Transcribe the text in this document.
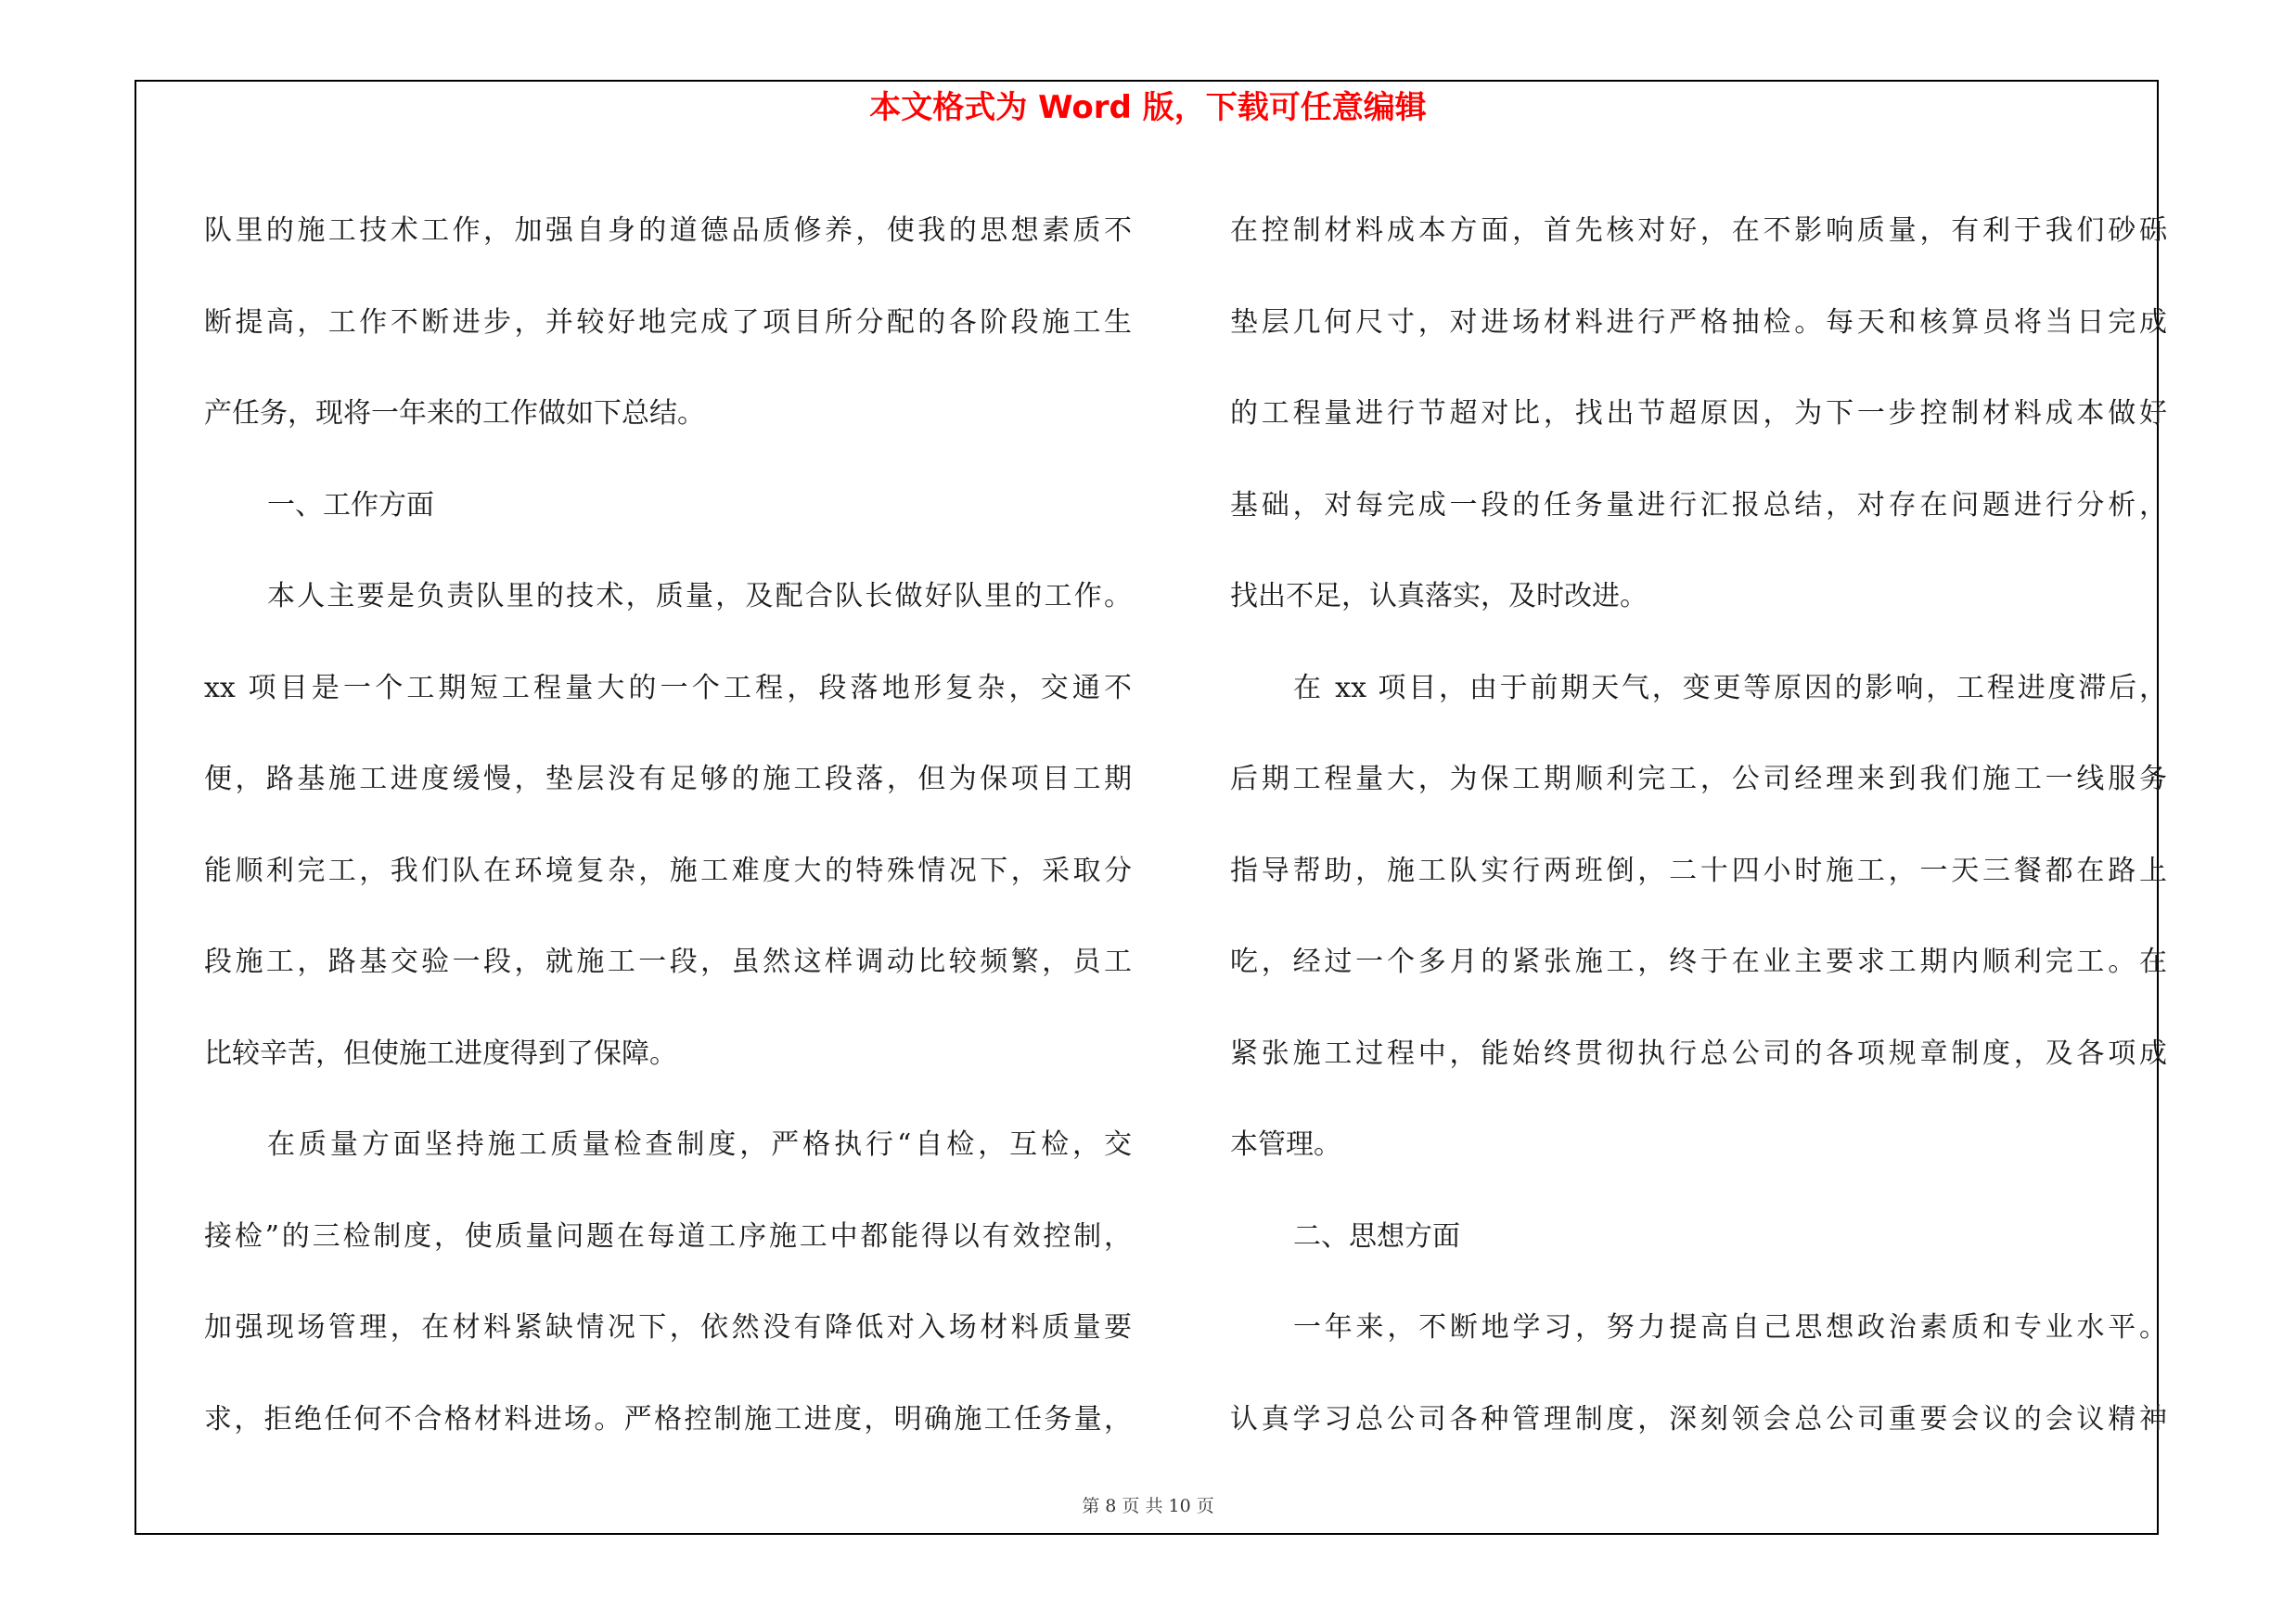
本文格式为 Word 版，下载可任意编辑
队里的施工技术工作，加强自身的道德品质修养，使我的思想素质不
断提高，工作不断进步，并较好地完成了项目所分配的各阶段施工生
产任务，现将一年来的工作做如下总结。
一、工作方面
本人主要是负责队里的技术，质量，及配合队长做好队里的工作。
xx 项目是一个工期短工程量大的一个工程，段落地形复杂，交通不
便，路基施工进度缓慢，垫层没有足够的施工段落，但为保项目工期
能顺利完工，我们队在环境复杂，施工难度大的特殊情况下，采取分
段施工，路基交验一段，就施工一段，虽然这样调动比较频繁，员工
比较辛苦，但使施工进度得到了保障。
在质量方面坚持施工质量检查制度，严格执行“自检，互检，交
接检”的三检制度，使质量问题在每道工序施工中都能得以有效控制，
加强现场管理，在材料紧缺情况下，依然没有降低对入场材料质量要
求，拒绝任何不合格材料进场。严格控制施工进度，明确施工任务量，
在控制材料成本方面，首先核对好，在不影响质量，有利于我们砂砾
垫层几何尺寸，对进场材料进行严格抽检。每天和核算员将当日完成
的工程量进行节超对比，找出节超原因，为下一步控制材料成本做好
基础，对每完成一段的任务量进行汇报总结，对存在问题进行分析，
找出不足，认真落实，及时改进。
在 xx 项目，由于前期天气，变更等原因的影响，工程进度滞后，
后期工程量大，为保工期顺利完工，公司经理来到我们施工一线服务
指导帮助，施工队实行两班倒，二十四小时施工，一天三餐都在路上
吃，经过一个多月的紧张施工，终于在业主要求工期内顺利完工。在
紧张施工过程中，能始终贯彻执行总公司的各项规章制度，及各项成
本管理。
二、思想方面
一年来，不断地学习，努力提高自己思想政治素质和专业水平。
认真学习总公司各种管理制度，深刻领会总公司重要会议的会议精神
第 8 页 共 10 页
